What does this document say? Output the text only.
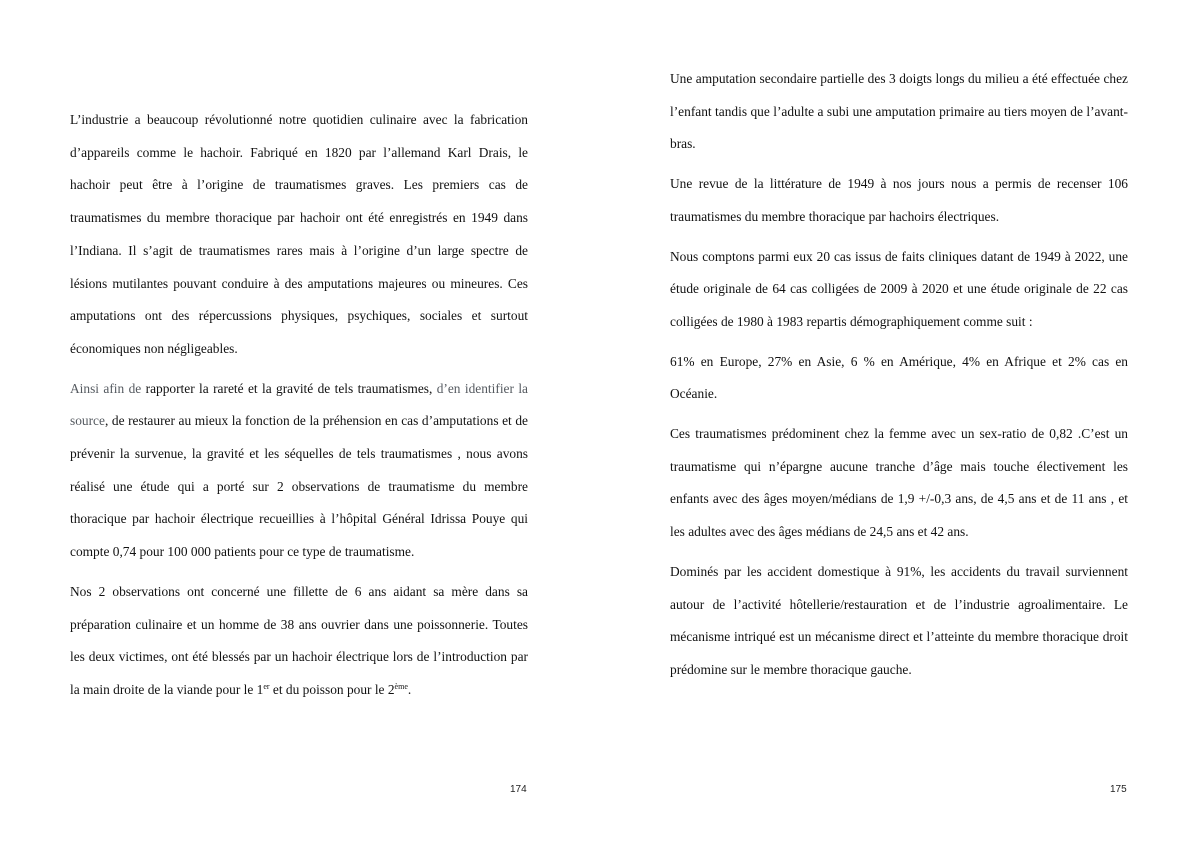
L’industrie a beaucoup révolutionné notre quotidien culinaire avec la fabrication d’appareils comme le hachoir. Fabriqué en 1820 par l’allemand Karl Drais, le hachoir peut être à l’origine de traumatismes graves. Les premiers cas de traumatismes du membre thoracique par hachoir ont été enregistrés en 1949 dans l’Indiana. Il s’agit de traumatismes rares mais à l’origine d’un large spectre de lésions mutilantes pouvant conduire à des amputations majeures ou mineures. Ces amputations ont des répercussions physiques, psychiques, sociales et surtout économiques non négligeables.

Ainsi afin de rapporter la rareté et la gravité de tels traumatismes, d’en identifier la source, de restaurer au mieux la fonction de la préhension en cas d’amputations et de prévenir la survenue, la gravité et les séquelles de tels traumatismes , nous avons réalisé une étude qui a porté sur 2 observations de traumatisme du membre thoracique par hachoir électrique recueillies à l’hôpital Général Idrissa Pouye qui compte 0,74 pour 100 000 patients pour ce type de traumatisme.

Nos 2 observations ont concerné une fillette de 6 ans aidant sa mère dans sa préparation culinaire et un homme de 38 ans ouvrier dans une poissonnerie. Toutes les deux victimes, ont été blessés par un hachoir électrique lors de l’introduction par la main droite de la viande pour le 1er et du poisson pour le 2ème.

174

Une amputation secondaire partielle des 3 doigts longs du milieu a été effectuée chez l’enfant tandis que l’adulte a subi une amputation primaire au tiers moyen de l’avant-bras.

Une revue de la littérature de 1949 à nos jours nous a permis de recenser 106 traumatismes du membre thoracique par hachoirs électriques.

Nous comptons parmi eux 20 cas issus de faits cliniques datant de 1949 à 2022, une étude originale de 64 cas colligées de 2009 à 2020 et une étude originale de 22 cas colligées de 1980 à 1983 repartis démographiquement comme suit :

61% en Europe, 27% en Asie, 6 % en Amérique, 4% en Afrique et 2% cas en Océanie.

Ces traumatismes prédominent chez la femme avec un sex-ratio de 0,82 .C’est un traumatisme qui n’épargne aucune tranche d’âge mais touche électivement les enfants avec des âges moyen/médians de 1,9 +/-0,3 ans, de 4,5 ans et de 11 ans , et les adultes avec des âges médians de 24,5 ans et 42 ans.

Dominés par les accident domestique à 91%, les accidents du travail surviennent autour de l’activité hôtellerie/restauration et de l’industrie agroalimentaire. Le mécanisme intriqué est un mécanisme direct et l’atteinte du membre thoracique droit prédomine sur le membre thoracique gauche.

175
